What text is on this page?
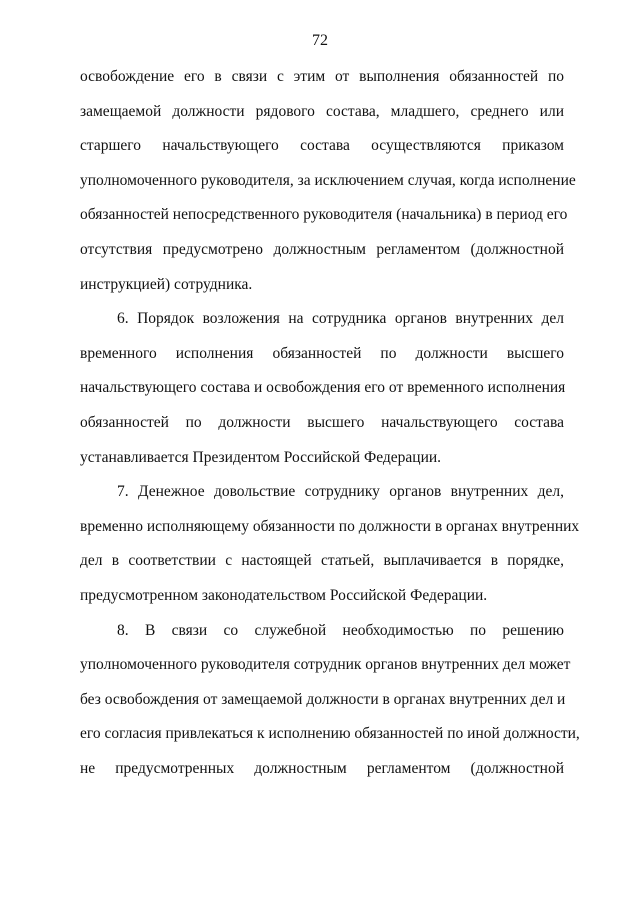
72
освобождение его в связи с этим от выполнения обязанностей по
замещаемой должности рядового состава, младшего, среднего или
старшего начальствующего состава осуществляются приказом
уполномоченного руководителя, за исключением случая, когда исполнение
обязанностей непосредственного руководителя (начальника) в период его
отсутствия предусмотрено должностным регламентом (должностной
инструкцией) сотрудника.
6. Порядок возложения на сотрудника органов внутренних дел
временного исполнения обязанностей по должности высшего
начальствующего состава и освобождения его от временного исполнения
обязанностей по должности высшего начальствующего состава
устанавливается Президентом Российской Федерации.
7. Денежное довольствие сотруднику органов внутренних дел,
временно исполняющему обязанности по должности в органах внутренних
дел в соответствии с настоящей статьей, выплачивается в порядке,
предусмотренном законодательством Российской Федерации.
8. В связи со служебной необходимостью по решению
уполномоченного руководителя сотрудник органов внутренних дел может
без освобождения от замещаемой должности в органах внутренних дел и
его согласия привлекаться к исполнению обязанностей по иной должности,
не предусмотренных должностным регламентом (должностной
